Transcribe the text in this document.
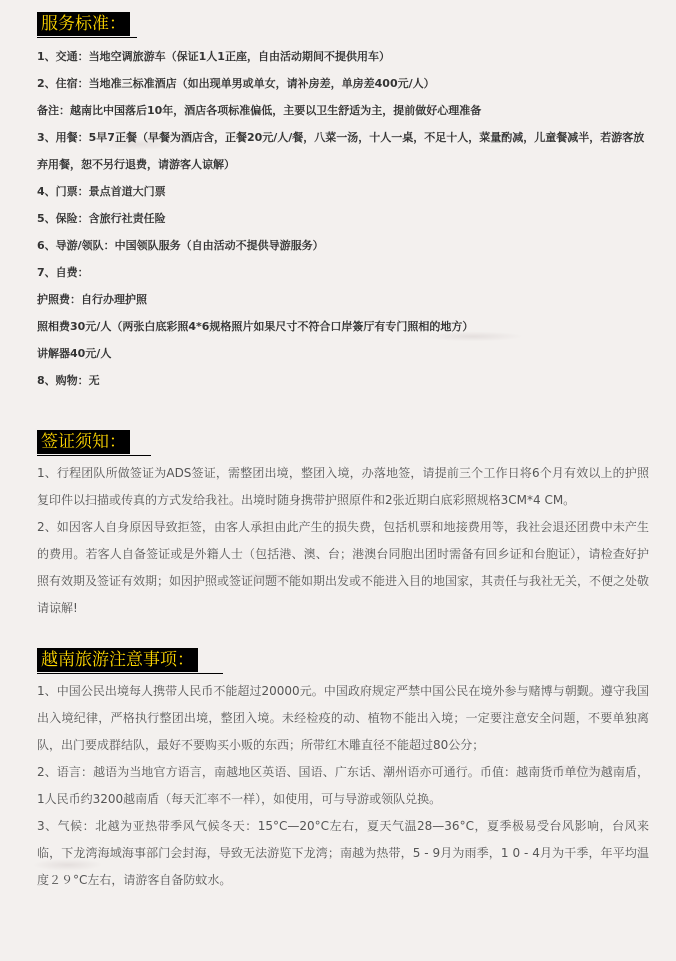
服务标准：
1、交通：当地空调旅游车（保证1人1正座，自由活动期间不提供用车）
2、住宿：当地准三标准酒店（如出现单男或单女，请补房差，单房差400元/人）
备注：越南比中国落后10年，酒店各项标准偏低，主要以卫生舒适为主，提前做好心理准备
3、用餐：5早7正餐（早餐为酒店含，正餐20元/人/餐，八菜一汤，十人一桌，不足十人，菜量酌减，儿童餐减半，若游客放弃用餐，恕不另行退费，请游客人谅解）
4、门票：景点首道大门票
5、保险：含旅行社责任险
6、导游/领队：中国领队服务（自由活动不提供导游服务）
7、自费：
护照费：自行办理护照
照相费30元/人（两张白底彩照4*6规格照片如果尺寸不符合口岸簽厅有专门照相的地方）
讲解器40元/人
8、购物：无
签证须知：

1、行程团队所做签证为ADS签证，需整团出境，整团入境，办落地签，请提前三个工作日将6个月有效以上的护照复印件以扫描或传真的方式发给我社。出境时随身携带护照原件和2张近期白底彩照规格3CM*4 CM。

2、如因客人自身原因导致拒签，由客人承担由此产生的损失费，包括机票和地接费用等，我社会退还团费中未产生的费用。若客人自备签证或是外籍人士（包括港、澳、台；港澳台同胞出团时需备有回乡证和台胞证），请检查好护照有效期及签证有效期；如因护照或签证问题不能如期出发或不能进入目的地国家，其责任与我社无关，不便之处敬请谅解!

越南旅游注意事项：

1、中国公民出境每人携带人民币不能超过20000元。中国政府规定严禁中国公民在境外参与赌博与朝觐。遵守我国出入境纪律，严格执行整团出境，整团入境。未经检疫的动、植物不能出入境；一定要注意安全问题，不要单独离队，出门要成群结队，最好不要购买小贩的东西；所带红木雕直径不能超过80公分；

2、语言：越语为当地官方语言，南越地区英语、国语、广东话、潮州语亦可通行。币值：越南货币单位为越南盾，1人民币约3200越南盾（每天汇率不一样），如使用，可与导游或领队兑换。

3、气候：北越为亚热带季风气候冬天：15°C—20°C左右，夏天气温28—36°C，夏季极易受台风影响，台风来临，下龙湾海域海事部门会封海，导致无法游览下龙湾；南越为热带，5 - 9月为雨季，1 0 - 4月为干季，年平均温度２９°C左右，请游客自备防蚊水。
